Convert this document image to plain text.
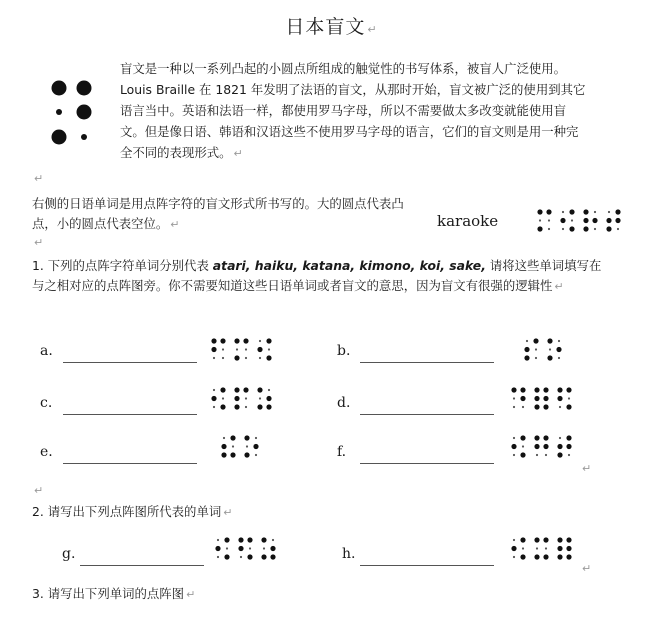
日本盲文 ↵
盲文是一种以一系列凸起的小圆点所组成的触觉性的书写体系，被盲人广泛使用。Louis Braille 在 1821 年发明了法语的盲文，从那时开始，盲文被广泛的使用到其它语言当中。英语和法语一样，都使用罗马字母，所以不需要做太多改变就能使用盲文。但是像日语、韩语和汉语这些不使用罗马字母的语言，它们的盲文则是用一种完全不同的表现形式。 ↵
↵
右侧的日语单词是用点阵字符的盲文形式所书写的。大的圆点代表凸点，小的圆点代表空位。 ↵	karaoke
↵
1. 下列的点阵字符单词分别代表 atari, haiku, katana, kimono, koi, sake, 请将这些单词填写在与之相对应的点阵图旁。你不需要知道这些日语单词或者盲文的意思，因为盲文有很强的逻辑性 ↵
a.	b.
c.	d.
e.	f.
↵
↵
2. 请写出下列点阵图所代表的单词 ↵
g.	h.
↵
3. 请写出下列单词的点阵图 ↵
